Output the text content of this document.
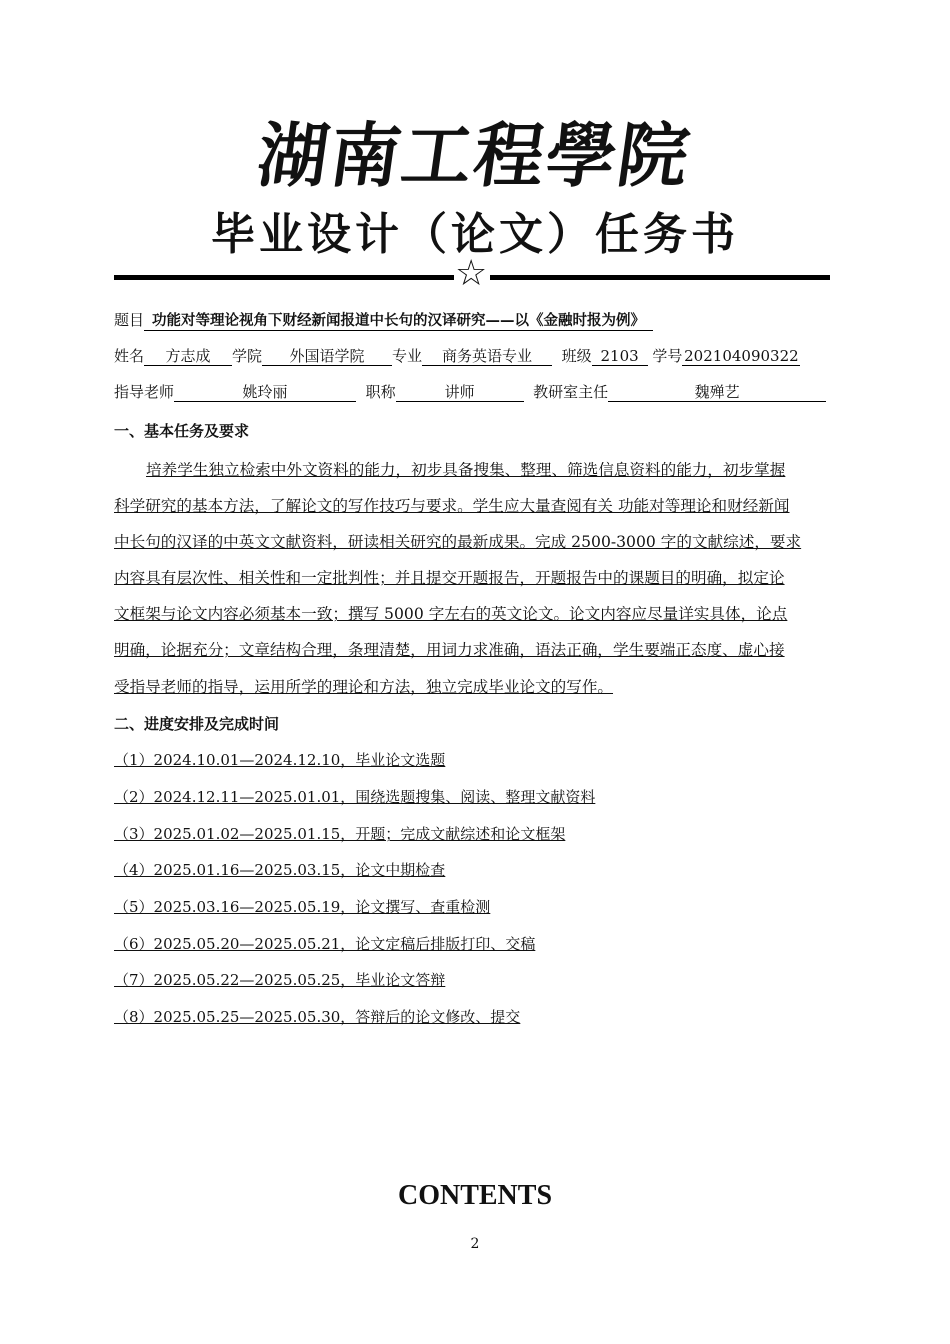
湖南工程學院
毕业设计（论文）任务书
☆
题目 功能对等理论视角下财经新闻报道中长句的汉译研究——以《金融时报为例》
姓名 方志成 学院 外国语学院 专业 商务英语专业 班级 2103 学号 202104090322
指导老师	姚玲丽	职称	讲师	教研室主任	魏殚艺
一、基本任务及要求
培养学生独立检索中外文资料的能力，初步具备搜集、整理、筛选信息资料的能力，初步掌握
科学研究的基本方法，了解论文的写作技巧与要求。学生应大量查阅有关 功能对等理论和财经新闻
中长句的汉译的中英文文献资料，研读相关研究的最新成果。完成 2500-3000 字的文献综述，要求
内容具有层次性、相关性和一定批判性；并且提交开题报告，开题报告中的课题目的明确，拟定论
文框架与论文内容必须基本一致；撰写 5000 字左右的英文论文。论文内容应尽量详实具体，论点
明确，论据充分；文章结构合理，条理清楚，用词力求准确，语法正确，学生要端正态度、虚心接
受指导老师的指导，运用所学的理论和方法，独立完成毕业论文的写作。
二、进度安排及完成时间
（1）2024.10.01—2024.12.10，毕业论文选题
（2）2024.12.11—2025.01.01，围绕选题搜集、阅读、整理文献资料
（3）2025.01.02—2025.01.15，开题；完成文献综述和论文框架
（4）2025.01.16—2025.03.15，论文中期检查
（5）2025.03.16—2025.05.19，论文撰写、查重检测
（6）2025.05.20—2025.05.21，论文定稿后排版打印、交稿
（7）2025.05.22—2025.05.25，毕业论文答辩
（8）2025.05.25—2025.05.30，答辩后的论文修改、提交
CONTENTS
2
